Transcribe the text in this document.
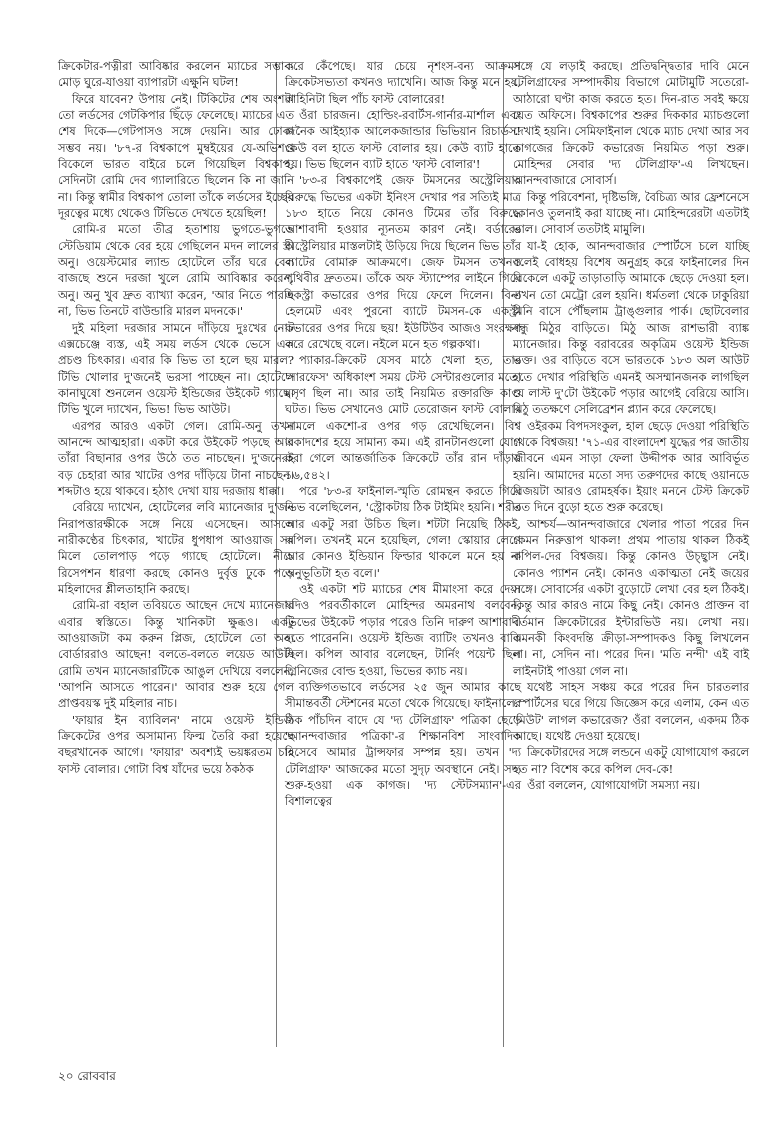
ক্রিকেটার-পত্নীরা আবিষ্কার করলেন ম্যাচের সম্ভাব্য মোড় ঘুরে-যাওয়া ব্যাপারটা এক্ষুনি ঘটল!

ফিরে যাবেন? উপায় নেই। টিকিটের শেষ অংশটা তো লর্ডসের গেটকিপার ছিঁড়ে ফেলেছে। ম্যাচের এত শেষ দিকে—গেটপাসও সঙ্গে দেয়নি। আর ঢোকা সম্ভব নয়। '৮৭-র বিশ্বকাপে মুম্বইয়ের যে-অভিশপ্ত বিকেলে ভারত বাইরে চলে গিয়েছিল বিশ্বকাপ, সেদিনটা রোমি দেব গ্যালারিতে ছিলেন কি না জানি না। কিন্তু স্বামীর বিশ্বকাপ তোলা তাঁকে লর্ডসের ইচ্ছেয় দূরত্বের মধ্যে থেকেও টিভিতে দেখতে হয়েছিল!

রোমি-র মতো তীব্র হতাশায় ভুগতে-ভুগতে স্টেডিয়াম থেকে বের হয়ে গেছিলেন মদন লালের স্ত্রী অনু। ওয়েস্টমোর ল্যান্ড হোটেলে তাঁর ঘরে বেল বাজছে শুনে দরজা খুলে রোমি আবিষ্কার করেন, অনু। অনু খুব দ্রুত ব্যাখ্যা করেন, 'আর নিতে পারছি না, ভিভ তিনটে বাউন্ডারি মারল মদনকে।'

দুই মহিলা দরজার সামনে দাঁড়িয়ে দুঃখের নোট এক্সচেঞ্জে ব্যস্ত, এই সময় লর্ডস থেকে ভেসে এল প্রচণ্ড চিৎকার। এবার কি ভিভ তা হলে ছয় মারল? টিভি খোলার দু'জনেই ভরসা পাচ্ছেন না। হোটেলে কানাঘুষো শুনলেন ওয়েস্ট ইন্ডিজের উইকেট গ্যাছে। টিভি খুলে দ্যাখেন, ভিভ! ভিভ আউট।

এরপর আরও একটা গেল। রোমি-অনু তখন আনন্দে আত্মহারা। একটা করে উইকেট পড়ছে আর তাঁরা বিছানার ওপর উঠে তত নাচছেন। দু'জনেরই বড় চেহারা আর খাটের ওপর দাঁড়িয়ে টানা নাচছেন। শব্দটাও হয়ে থাকবে। হঠাৎ দেখা যায় দরজায় ধাক্কা।

বেরিয়ে দ্যাখেন, হোটেলের লবি ম্যানেজার দু'জন নিরাপত্তারক্ষীকে সঙ্গে নিয়ে এসেছেন। আসলে নারীকণ্ঠের চিৎকার, খাটের ধুপধাপ আওয়াজ সব মিলে তোলপাড় পড়ে গ্যাছে হোটেলে। নীচে রিসেপশন ধারণা করছে কোনও দুর্বৃত্ত ঢুকে পড়ে মহিলাদের শ্লীলতাহানি করছে।

রোমি-রা বহাল তবিয়তে আছেন দেখে ম্যানেজার এবার স্বস্তিতে। কিন্তু খানিকটা ক্ষুব্ধও। একটু আওয়াজটা কম করুন প্লিজ, হোটেলে তো অন্য বোর্ডাররাও আছেন! বলতে-বলতে লয়েড আউট। রোমি তখন ম্যানেজারটিকে আঙুল দেখিয়ে বললেন, 'আপনি আসতে পারেন।' আবার শুরু হয়ে গেল প্রাপ্তবয়স্ক দুই মহিলার নাচ।

'ফায়ার ইন ব্যাবিলন' নামে ওয়েস্ট ইন্ডিজ ক্রিকেটের ওপর অসামান্য ফিল্ম তৈরি করা হয়েছে বছরখানেক আগে। 'ফায়ার' অবশ্যই ভয়ঙ্করতম চার ফাস্ট বোলার। গোটা বিশ্ব যাঁদের ভয়ে ঠকঠক

করে কেঁপেছে। যার চেয়ে নৃশংস-বন্য আক্রমণ ক্রিকেটসভ্যতা কখনও দ্যাখেনি। আজ কিন্তু মনে হয়, কাহিনিটা ছিল পাঁচ ফাস্ট বোলারের!

ওঁরা চারজন। হোল্ডিং-রবার্টস-গার্নার-মার্শাল এবং জনৈক আইহ্যাক আলেকজান্ডার ভিভিয়ান রিচার্ডস! কেউ বল হাতে ফাস্ট বোলার হয়। কেউ ব্যাট হাতে হয়। ভিভ ছিলেন ব্যাট হাতে 'ফাস্ট বোলার'!

'৮৩-র বিশ্বকাপেই জেফ টমসনের অস্ট্রেলিয়ার বিরুদ্ধে ভিভের একটা ইনিংস দেখার পর সত্যিই মাত্র ১৮৩ হাতে নিয়ে কোনও টিমের তাঁর বিরুদ্ধে আশাবাদী হওয়ার ন্যূনতম কারণ নেই। বর্ডারের অস্ট্রেলিয়ার মাস্তলটাই উড়িয়ে দিয়ে ছিলেন ভিভ তাঁর ব্যাটের বোমারু আক্রমণে। জেফ টমসন তখনও পৃথিবীর দ্রুততম। তাঁকে অফ স্ট্যাম্পের লাইনে গিয়ে একস্ট্রা কভারের ওপর দিয়ে ফেলে দিলেন। বিনা হেলমেট এবং পুরনো ব্যাটে টমসন-কে একস্ট্রা কভারের ওপর দিয়ে ছয়! ইউটিউব আজও সংরক্ষণ করে রেখেছে বলে। নইলে মনে হত গল্পকথা।

প্যাকার-ক্রিকেট যেসব মাঠে খেলা হত, তার 'সারফেস' অধিকাংশ সময় টেস্ট সেন্টারগুলোর মতো মসৃণ ছিল না। আর তাই নিয়মিত রক্তারক্তি কাণ্ড ঘটত। ভিভ সেখানেও মোট তেরোজন ফাস্ট বোলার সামলে একশো-র ওপর গড় রেখেছিলেন। বিশ্ব একাদশের হয়ে সামান্য কম। এই রানটানগুলো যোগ করা গেলে আন্তর্জাতিক ক্রিকেটে তাঁর রান দাঁড়ায় ১৬,৫৪২।

পরে '৮৩-র ফাইনাল-স্মৃতি রোমন্থন করতে গিয়ে ভিভ বলেছিলেন, 'স্ট্রোকটায় ঠিক টাইমিং হয়নি। শরীর আর একটু সরা উচিত ছিল। শটটা নিয়েছি ঠিকই, কপিল। তখনই মনে হয়েছিল, গেল! স্কোয়ার লেগে আর কোনও ইন্ডিয়ান ফিল্ডার থাকলে মনে হয় না অনুভূতিটা হত বলে।'

ওই একটা শট ম্যাচের শেষ মীমাংসা করে দেয়। যদিও পরবর্তীকালে মোহিন্দর অমরনাথ বলবেন, ভিভের উইকেট পড়ার পরেও তিনি দারুণ আশাবাদী হতে পারেননি। ওয়েস্ট ইন্ডিজ ব্যাটিং তখনও বাকি ছিল। কপিল আবার বলেছেন, টার্নিং পয়েন্ট ছিল গ্রিনিজের বোল্ড হওয়া, ভিভের ক্যাচ নয়।

ব্যক্তিগতভাবে লর্ডসের ২৫ জুন আমার কাছে সীমান্তবর্তী স্টেশনের মতো থেকে গিয়েছে। ফাইনালের ঠিক পাঁচদিন বাদে যে 'দ্য টেলিগ্রাফ' পত্রিকা ছেড়ে 'আনন্দবাজার পত্রিকা'-র শিক্ষানবিশ সাংবাদিক হিসেবে আমার ট্রান্সফার সম্পন্ন হয়। তখন 'দ্য টেলিগ্রাফ' আজকের মতো সুদৃঢ় অবস্থানে নেই। সদ্য শুরু-হওয়া এক কাগজ। 'দ্য স্টেটসম্যান'-এর বিশালত্বের

সঙ্গে যে লড়াই করছে। প্রতিদ্বন্দ্বিতার দাবি মেনে টেলিগ্রাফের সম্পাদকীয় বিভাগে মোটামুটি সতেরো-আঠারো ঘণ্টা কাজ করতে হত। দিন-রাত সবই ক্ষয়ে যেত অফিসে। বিশ্বকাপের শুরুর দিককার ম্যাচগুলো দেখাই হয়নি। সেমিফাইনাল থেকে ম্যাচ দেখা আর সব কাগজের ক্রিকেট কভারেজ নিয়মিত পড়া শুরু। মোহিন্দর সেবার 'দ্য টেলিগ্রাফ'-এ লিখছেন। আনন্দবাজারে সোবার্স।

কিন্তু পরিবেশনা, দৃষ্টিভঙ্গি, বৈচিত্র্য আর ফ্রেশনেসে কোনও তুলনাই করা যাচ্ছে না। মোহিন্দরেরটা এতটাই ভাল। সোবার্স ততটাই মামুলি।

যা-ই হোক, আনন্দবাজার স্পোর্টসে চলে যাচ্ছি বলেই বোধহয় বিশেষ অনুগ্রহ করে ফাইনালের দিন বিকেলে একটু তাড়াতাড়ি আমাকে ছেড়ে দেওয়া হল। তখন তো মেট্রো রেল হয়নি। ধর্মতলা থেকে ঢাকুরিয়া মিনি বাসে পৌঁছলাম ট্রাঙ্গুলার পার্ক। ছোটবেলার বন্ধু মিঠুর বাড়িতে। মিঠু আজ রাশভারী ব্যাঙ্ক ম্যানেজার। কিন্তু বরাবরের অকৃত্রিম ওয়েস্ট ইন্ডিজ ভক্ত। ওর বাড়িতে বসে ভারতকে ১৮৩ অল আউট হতে দেখার পরিস্থিতি এমনই অসম্মানজনক লাগছিল যে লাস্ট দু'টো উইকেট পড়ার আগেই বেরিয়ে আসি। মিঠু ততক্ষণে সেলিব্রেশন প্ল্যান করে ফেলেছে।

ওইরকম বিপদসংকুল, হাল ছেড়ে দেওয়া পরিস্থিতি থেকে বিশ্বজয়! '৭১-এর বাংলাদেশ যুদ্ধের পর জাতীয় জীবনে এমন সাড়া ফেলা উদ্দীপক আর আবির্ভূত হয়নি। আমাদের মতো সদ্য তরুণদের কাছে ওয়ানডে বিজয়টা আরও রোমহর্ষক। ইয়াং মননে টেস্ট ক্রিকেট তত দিনে বুড়ো হতে শুরু করেছে।

আশ্চর্য—আনন্দবাজারে খেলার পাতা পরের দিন কেমন নিরুত্তাপ থাকল! প্রথম পাতায় থাকল ঠিকই কপিল-দের বিশ্বজয়। কিন্তু কোনও উচ্ছ্বাস নেই। কোনও প্যাশন নেই। কোনও একাত্মতা নেই জয়ের সঙ্গে। সোবার্সের একটা বুড়োটে লেখা বের হল ঠিকই। কিন্তু আর কারও নামে কিছু নেই। কোনও প্রাক্তন বা বর্তমান ক্রিকেটারের ইন্টারভিউ নয়। লেখা নয়। এমনকী কিংবদন্তি ক্রীড়া-সম্পাদকও কিছু লিখলেন না। না, সেদিন না। পরের দিন। 'মতি নন্দী' এই বাই লাইনটাই পাওয়া গেল না।

যথেষ্ট সাহস সঞ্চয় করে পরের দিন চারতলার স্পোর্টসের ঘরে গিয়ে জিজ্ঞেস করে এলাম, কেন এত 'মিউট' লাগল কভারেজ? ওঁরা বললেন, একদম ঠিক আছে। যথেষ্ট দেওয়া হয়েছে।

ক্রিকেটারদের সঙ্গে লন্ডনে একটু যোগাযোগ করলে হত না? বিশেষ করে কপিল দেব-কে!

ওঁরা বললেন, যোগাযোগটা সমস্যা নয়।

২০ রোববার
